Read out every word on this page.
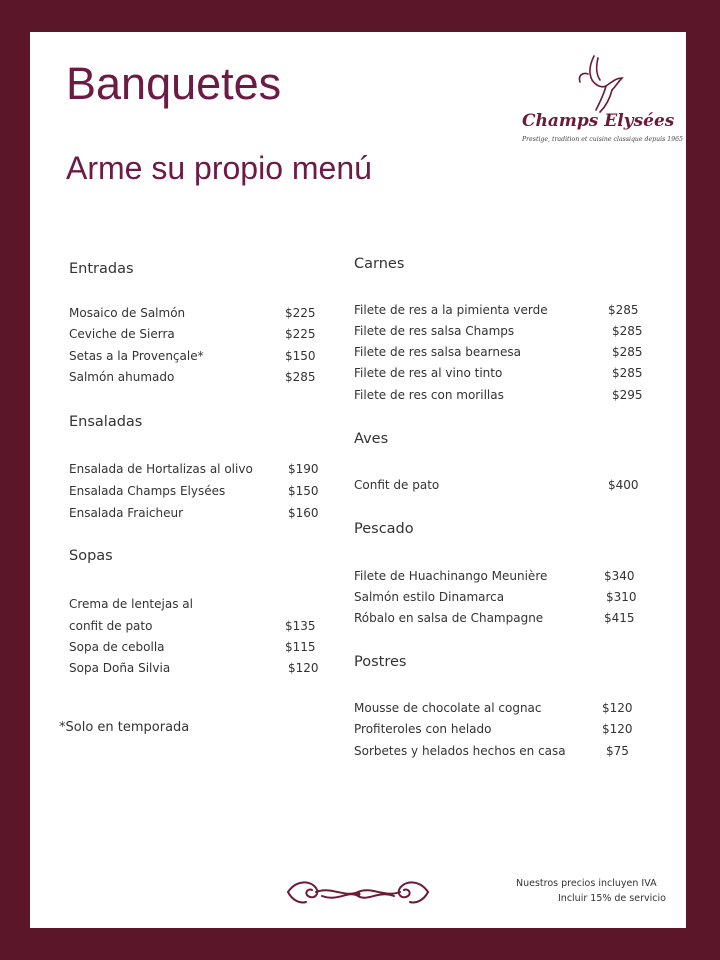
Banquetes
Arme su propio menú
Champs Elysées
Prestige, tradition et cuisine classique depuis 1965
Entradas
Mosaico de Salmón	$225
Ceviche de Sierra	$225
Setas a la Provençale*	$150
Salmón ahumado	$285
Ensaladas
Ensalada de Hortalizas al olivo	$190
Ensalada Champs Elysées	$150
Ensalada Fraicheur	$160
Sopas
Crema de lentejas al
confit de pato	$135
Sopa de cebolla	$115
Sopa Doña Silvia	$120
*Solo en temporada
Carnes
Filete de res a la pimienta verde	$285
Filete de res salsa Champs	$285
Filete de res salsa bearnesa	$285
Filete de res al vino tinto	$285
Filete de res con morillas	$295
Aves
Confit de pato	$400
Pescado
Filete de Huachinango Meunière	$340
Salmón estilo Dinamarca	$310
Róbalo en salsa de Champagne	$415
Postres
Mousse de chocolate al cognac	$120
Profiteroles con helado	$120
Sorbetes y helados hechos en casa	$75
Nuestros precios incluyen IVA
Incluir 15% de servicio
